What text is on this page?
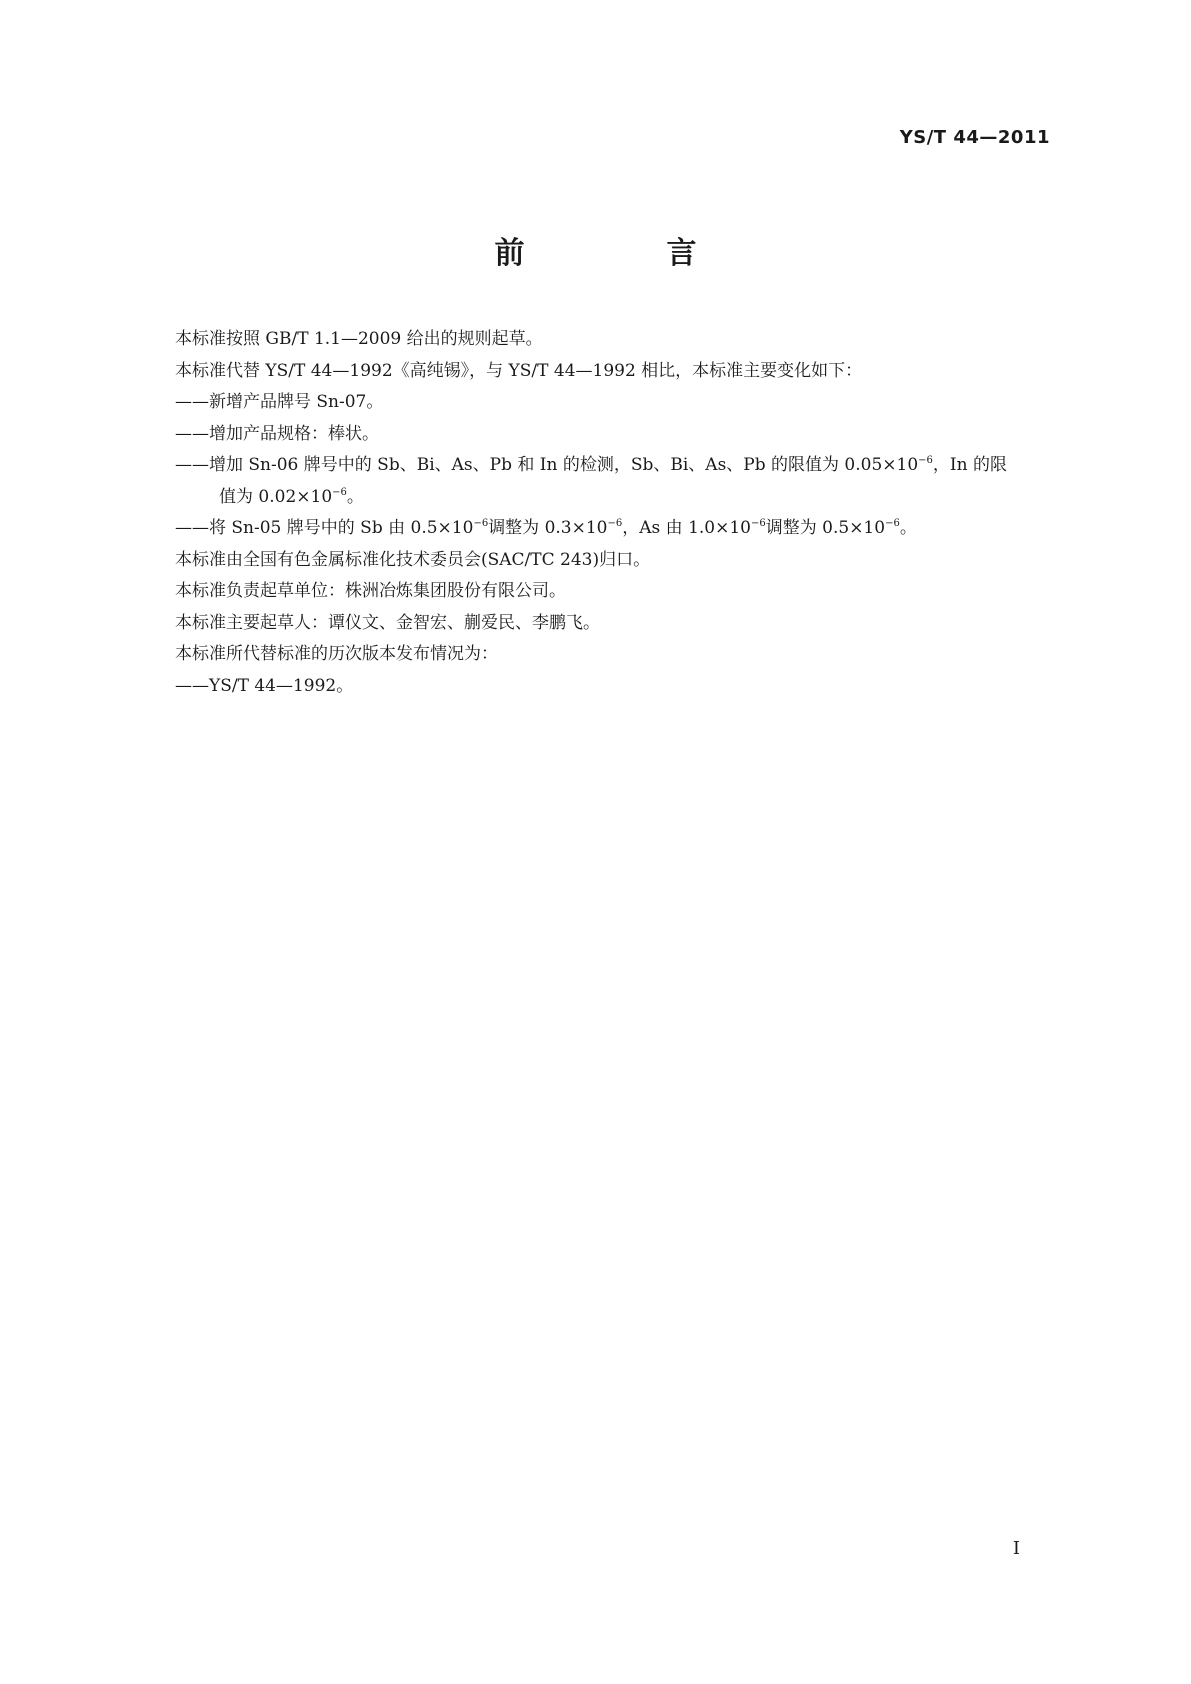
YS/T 44—2011
前　言
本标准按照 GB/T 1.1—2009 给出的规则起草。
本标准代替 YS/T 44—1992《高纯锡》，与 YS/T 44—1992 相比，本标准主要变化如下：
——新增产品牌号 Sn-07。
——增加产品规格：棒状。
——增加 Sn-06 牌号中的 Sb、Bi、As、Pb 和 In 的检测，Sb、Bi、As、Pb 的限值为 $0.05\times 10^{-6}$，In 的限
值为 $0.02\times 10^{-6}$。
——将 Sn-05 牌号中的 Sb 由 $0.5\times 10^{-6}$调整为 $0.3\times 10^{-6}$，As 由 $1.0\times 10^{-6}$调整为 $0.5\times 10^{-6}$。
本标准由全国有色金属标准化技术委员会(SAC/TC 243)归口。
本标准负责起草单位：株洲冶炼集团股份有限公司。
本标准主要起草人：谭仪文、金智宏、蒯爱民、李鹏飞。
本标准所代替标准的历次版本发布情况为：
——YS/T 44—1992。
I
